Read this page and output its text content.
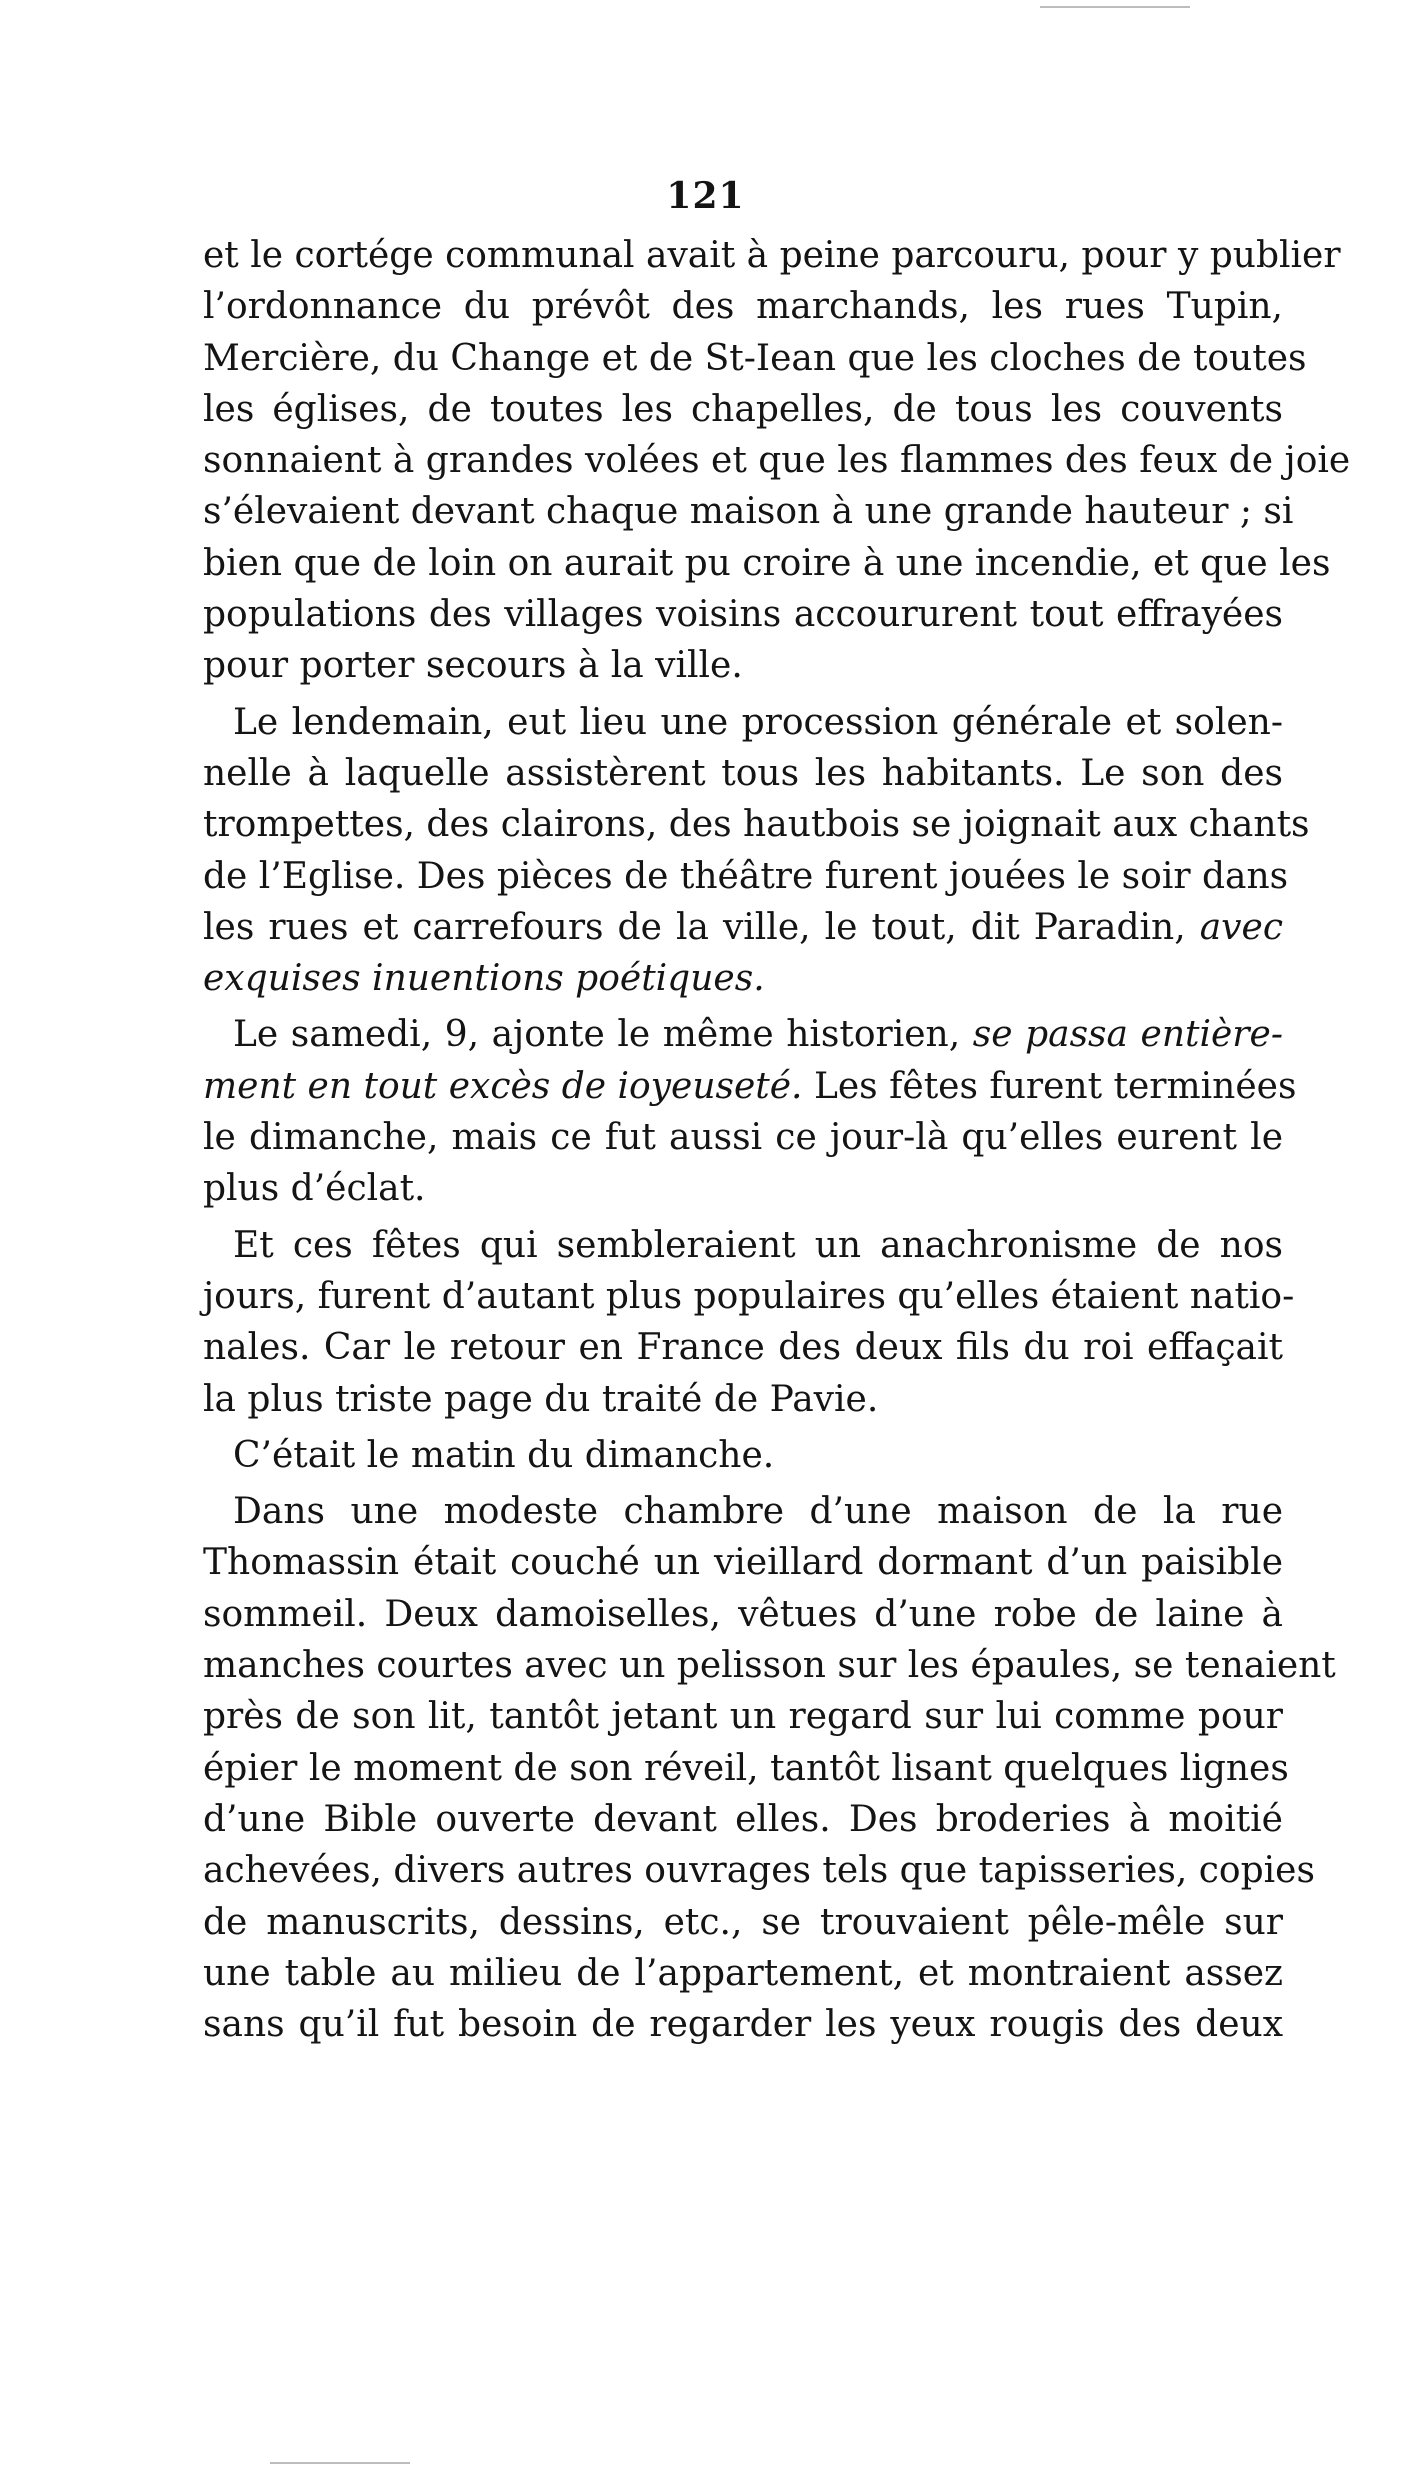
121
et le cortége communal avait à peine parcouru, pour y publier
l’ordonnance du prévôt des marchands, les rues Tupin,
Mercière, du Change et de St-Iean que les cloches de toutes
les églises, de toutes les chapelles, de tous les couvents
sonnaient à grandes volées et que les flammes des feux de joie
s’élevaient devant chaque maison à une grande hauteur ; si
bien que de loin on aurait pu croire à une incendie, et que les
populations des villages voisins accoururent tout effrayées
pour porter secours à la ville.
Le lendemain, eut lieu une procession générale et solen-
nelle à laquelle assistèrent tous les habitants. Le son des
trompettes, des clairons, des hautbois se joignait aux chants
de l’Eglise. Des pièces de théâtre furent jouées le soir dans
les rues et carrefours de la ville, le tout, dit Paradin, avec
exquises inuentions poétiques.
Le samedi, 9, ajonte le même historien, se passa entière-
ment en tout excès de ioyeuseté. Les fêtes furent terminées
le dimanche, mais ce fut aussi ce jour-là qu’elles eurent le
plus d’éclat.
Et ces fêtes qui sembleraient un anachronisme de nos
jours, furent d’autant plus populaires qu’elles étaient natio-
nales. Car le retour en France des deux fils du roi effaçait
la plus triste page du traité de Pavie.
C’était le matin du dimanche.
Dans une modeste chambre d’une maison de la rue
Thomassin était couché un vieillard dormant d’un paisible
sommeil. Deux damoiselles, vêtues d’une robe de laine à
manches courtes avec un pelisson sur les épaules, se tenaient
près de son lit, tantôt jetant un regard sur lui comme pour
épier le moment de son réveil, tantôt lisant quelques lignes
d’une Bible ouverte devant elles. Des broderies à moitié
achevées, divers autres ouvrages tels que tapisseries, copies
de manuscrits, dessins, etc., se trouvaient pêle-mêle sur
une table au milieu de l’appartement, et montraient assez
sans qu’il fut besoin de regarder les yeux rougis des deux
